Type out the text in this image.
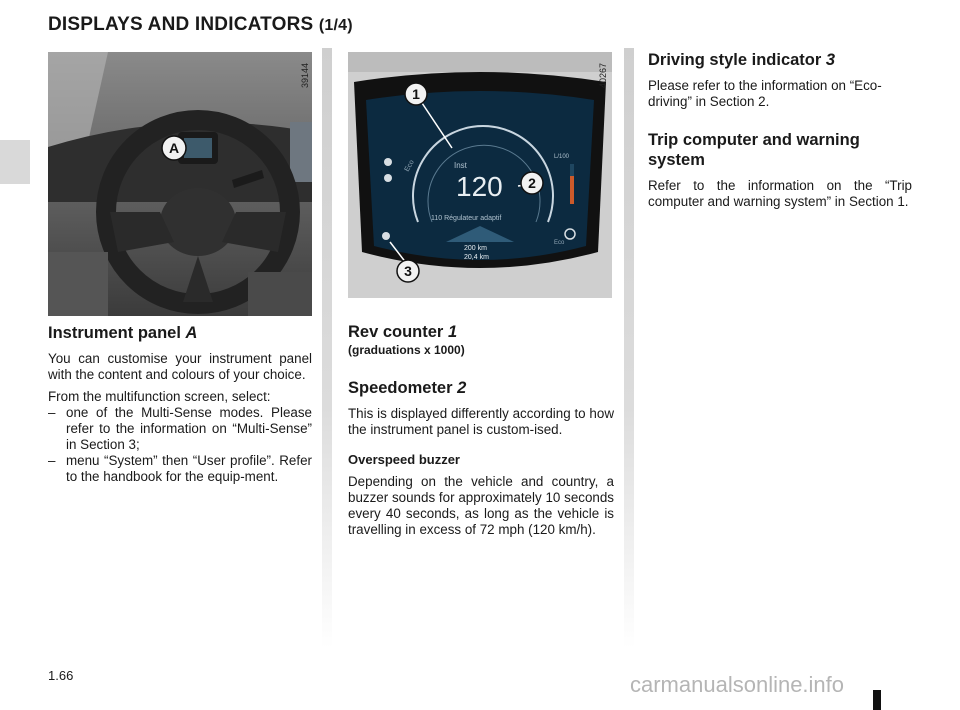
DISPLAYS AND INDICATORS (1/4)
A
39144
Inst
120
Eco
110 Régulateur adaptif
200 km
20,4 km
L/100
Eco
1
2
3
40267
Instrument panel A

You can customise your instrument panel with the content and colours of your choice.

From the multifunction screen, select:

– one of the Multi-Sense modes. Please refer to the information on “Multi-Sense” in Section 3;
– menu “System” then “User profile”. Refer to the handbook for the equip-ment.
Rev counter 1
(graduations x 1000)
Speedometer 2

This is displayed differently according to how the instrument panel is custom-ised.

Overspeed buzzer

Depending on the vehicle and country, a buzzer sounds for approximately 10 seconds every 40 seconds, as long as the vehicle is travelling in excess of 72 mph (120 km/h).

Driving style indicator 3

Please refer to the information on “Eco-driving” in Section 2.

Trip computer and warning system

Refer to the information on the “Trip computer and warning system” in Section 1.

1.66	carmanualsonline.info
